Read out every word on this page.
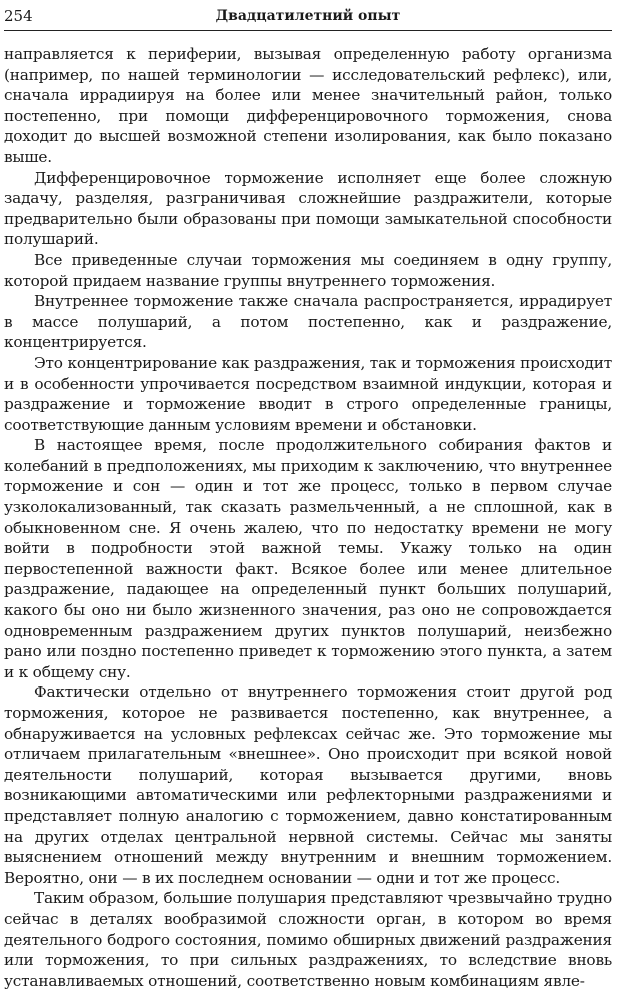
254	Двадцатилетний опыт

направляется к периферии, вызывая определенную работу организма (например, по нашей терминологии — исследовательский рефлекс), или, сначала иррадиируя на более или менее значительный район, только постепенно, при помощи дифференцировочного торможения, снова доходит до высшей возможной степени изолирования, как было показано выше.

Дифференцировочное торможение исполняет еще более сложную задачу, разделяя, разграничивая сложнейшие раздражители, которые предварительно были образованы при помощи замыкательной способности полушарий.

Все приведенные случаи торможения мы соединяем в одну группу, которой придаем название группы внутреннего торможения.

Внутреннее торможение также сначала распространяется, иррадирует в массе полушарий, а потом постепенно, как и раздражение, концентрируется.

Это концентрирование как раздражения, так и торможения происходит и в особенности упрочивается посредством взаимной индукции, которая и раздражение и торможение вводит в строго определенные границы, соответствующие данным условиям времени и обстановки.

В настоящее время, после продолжительного собирания фактов и колебаний в предположениях, мы приходим к заключению, что внутреннее торможение и сон — один и тот же процесс, только в первом случае узколокализованный, так сказать размельченный, а не сплошной, как в обыкновенном сне. Я очень жалею, что по недостатку времени не могу войти в подробности этой важной темы. Укажу только на один первостепенной важности факт. Всякое более или менее длительное раздражение, падающее на определенный пункт больших полушарий, какого бы оно ни было жизненного значения, раз оно не сопровождается одновременным раздражением других пунктов полушарий, неизбежно рано или поздно постепенно приведет к торможению этого пункта, а затем и к общему сну.

Фактически отдельно от внутреннего торможения стоит другой род торможения, которое не развивается постепенно, как внутреннее, а обнаруживается на условных рефлексах сейчас же. Это торможение мы отличаем прилагательным «внешнее». Оно происходит при всякой новой деятельности полушарий, которая вызывается другими, вновь возникающими автоматическими или рефлекторными раздражениями и представляет полную аналогию с торможением, давно констатированным на других отделах центральной нервной системы. Сейчас мы заняты выяснением отношений между внутренним и внешним торможением. Вероятно, они — в их последнем основании — одни и тот же процесс.

Таким образом, большие полушария представляют чрезвычайно трудно сейчас в деталях вообразимой сложности орган, в котором во время деятельного бодрого состояния, помимо обширных движений раздражения или торможения, то при сильных раздражениях, то вследствие вновь устанавливаемых отношений, соответственно новым комбинациям явле-
